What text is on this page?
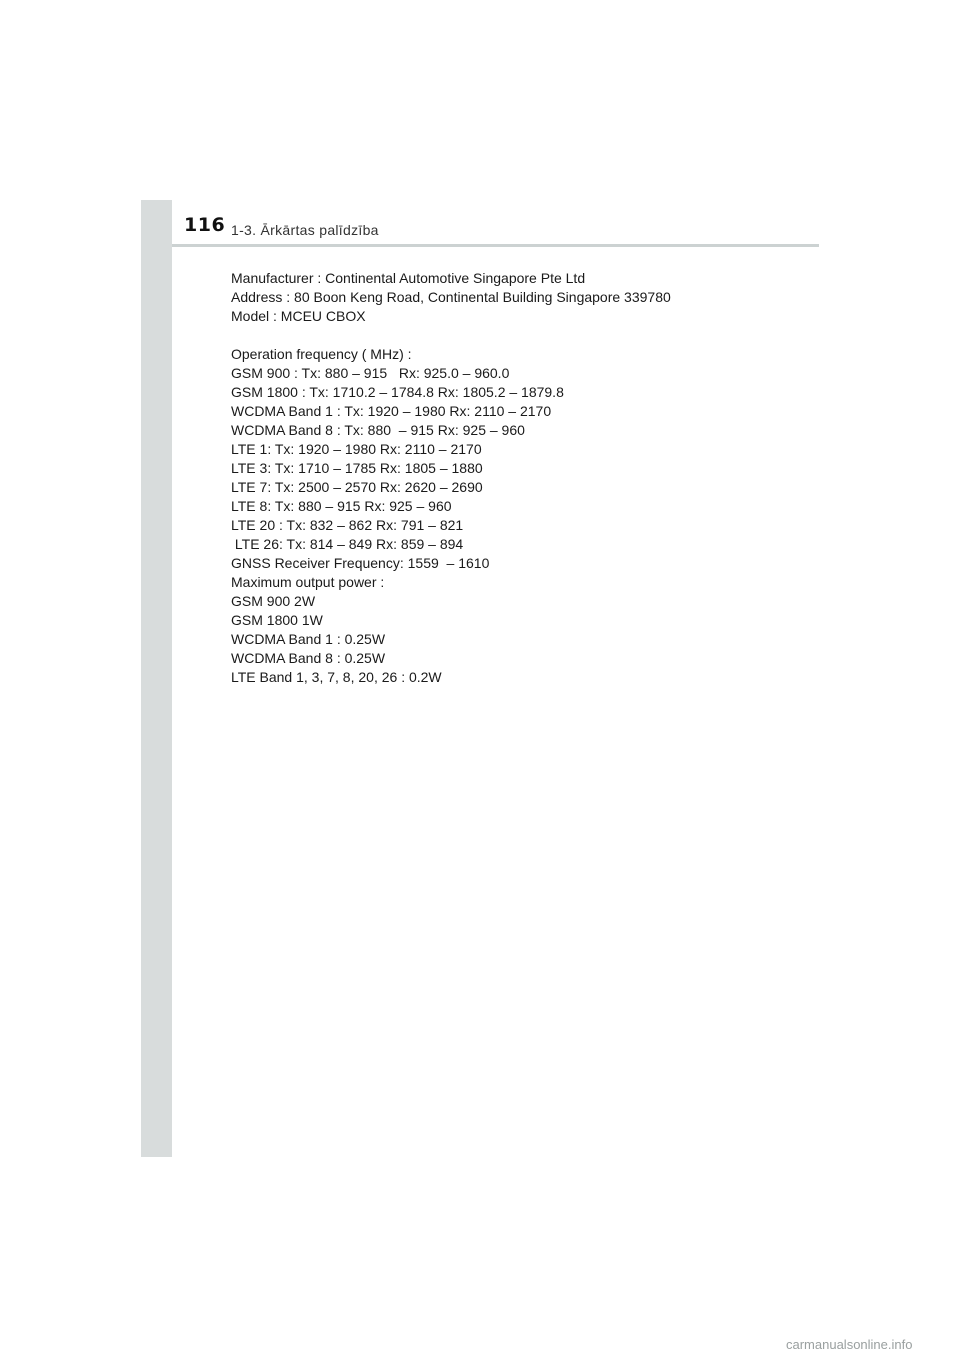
116 1-3. Ārkārtas palīdzība
Manufacturer : Continental Automotive Singapore Pte Ltd
Address : 80 Boon Keng Road, Continental Building Singapore 339780
Model : MCEU CBOX
Operation frequency ( MHz) :
GSM 900 : Tx: 880 – 915   Rx: 925.0 – 960.0
GSM 1800 : Tx: 1710.2 – 1784.8 Rx: 1805.2 – 1879.8
WCDMA Band 1 : Tx: 1920 – 1980 Rx: 2110 – 2170
WCDMA Band 8 : Tx: 880  – 915 Rx: 925 – 960
LTE 1: Tx: 1920 – 1980 Rx: 2110 – 2170
LTE 3: Tx: 1710 – 1785 Rx: 1805 – 1880
LTE 7: Tx: 2500 – 2570 Rx: 2620 – 2690
LTE 8: Tx: 880 – 915 Rx: 925 – 960
LTE 20 : Tx: 832 – 862 Rx: 791 – 821
LTE 26: Tx: 814 – 849 Rx: 859 – 894
GNSS Receiver Frequency: 1559  – 1610
Maximum output power :
GSM 900 2W
GSM 1800 1W
WCDMA Band 1 : 0.25W
WCDMA Band 8 : 0.25W
LTE Band 1, 3, 7, 8, 20, 26 : 0.2W
carmanualsonline.info
